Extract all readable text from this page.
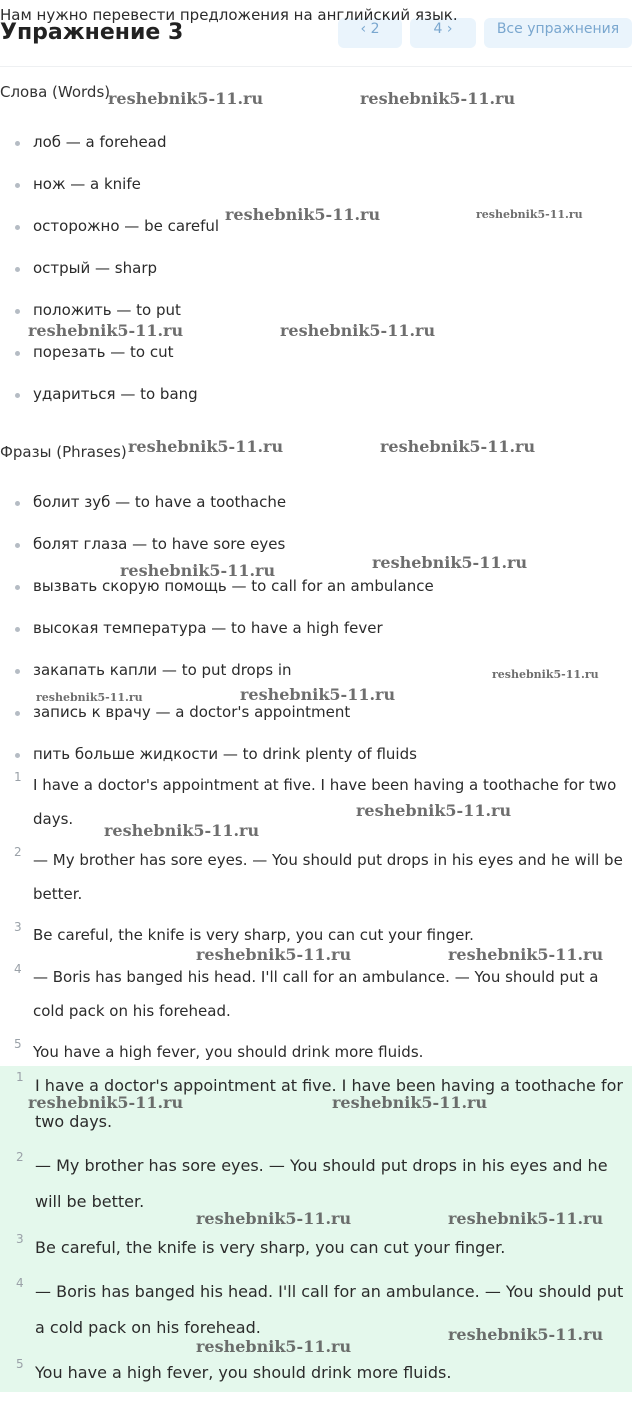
Нам нужно перевести предложения на английский язык.
Упражнение 3	‹ 2	4 ›	Все упражнения
Слова (Words)
лоб — a forehead
нож — a knife
осторожно — be careful
острый — sharp
положить — to put
порезать — to cut
удариться — to bang
Фразы (Phrases)
болит зуб — to have a toothache
болят глаза — to have sore eyes
вызвать скорую помощь — to call for an ambulance
высокая температура — to have a high fever
закапать капли — to put drops in
запись к врачу — a doctor's appointment
пить больше жидкости — to drink plenty of fluids
1 I have a doctor's appointment at five. I have been having a toothache for two days.
2 — My brother has sore eyes. — You should put drops in his eyes and he will be better.
3 Be careful, the knife is very sharp, you can cut your finger.
4 — Boris has banged his head. I'll call for an ambulance. — You should put a cold pack on his forehead.
5 You have a high fever, you should drink more fluids.
1 I have a doctor's appointment at five. I have been having a toothache for two days.
2 — My brother has sore eyes. — You should put drops in his eyes and he will be better.
3 Be careful, the knife is very sharp, you can cut your finger.
4 — Boris has banged his head. I'll call for an ambulance. — You should put a cold pack on his forehead.
5 You have a high fever, you should drink more fluids.
reshebnik5-11.ru	reshebnik5-11.ru
reshebnik5-11.ru	reshebnik5-11.ru
reshebnik5-11.ru	reshebnik5-11.ru
reshebnik5-11.ru	reshebnik5-11.ru
reshebnik5-11.ru	reshebnik5-11.ru
reshebnik5-11.ru
reshebnik5-11.ru	reshebnik5-11.ru
reshebnik5-11.ru
reshebnik5-11.ru
reshebnik5-11.ru	reshebnik5-11.ru
reshebnik5-11.ru	reshebnik5-11.ru
reshebnik5-11.ru	reshebnik5-11.ru
reshebnik5-11.ru
reshebnik5-11.ru
